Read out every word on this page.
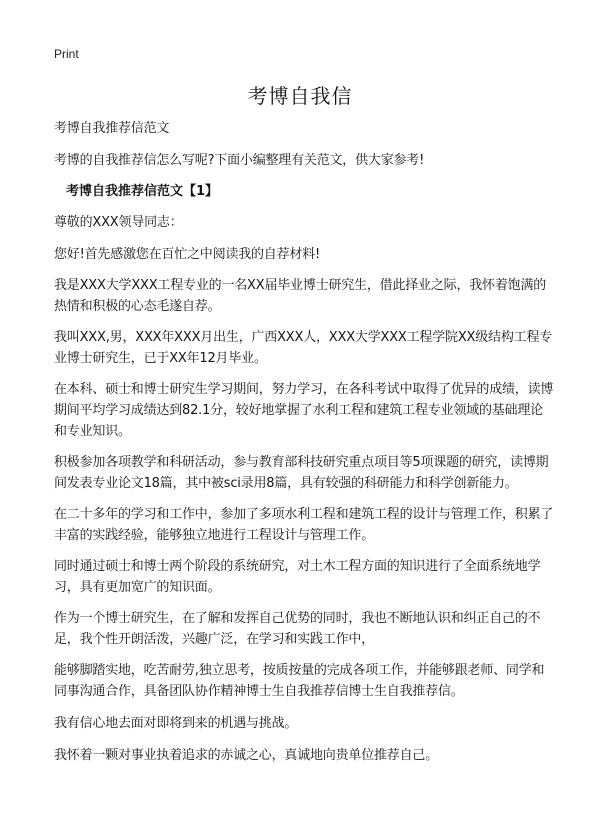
Print
考博自我信

考博自我推荐信范文

考博的自我推荐信怎么写呢?下面小编整理有关范文，供大家参考!

考博自我推荐信范文【1】

尊敬的XXX领导同志：

您好!首先感激您在百忙之中阅读我的自荐材料!

我是XXX大学XXX工程专业的一名XX届毕业博士研究生，借此择业之际，我怀着饱满的热情和积极的心态毛遂自荐。

我叫XXX,男，XXX年XXX月出生，广西XXX人，XXX大学XXX工程学院XX级结构工程专业博士研究生，已于XX年12月毕业。

在本科、硕士和博士研究生学习期间，努力学习，在各科考试中取得了优异的成绩，读博期间平均学习成绩达到82.1分，较好地掌握了水利工程和建筑工程专业领域的基础理论和专业知识。

积极参加各项教学和科研活动，参与教育部科技研究重点项目等5项课题的研究，读博期间发表专业论文18篇，其中被sci录用8篇，具有较强的科研能力和科学创新能力。

在二十多年的学习和工作中，参加了多项水利工程和建筑工程的设计与管理工作，积累了丰富的实践经验，能够独立地进行工程设计与管理工作。

同时通过硕士和博士两个阶段的系统研究，对土木工程方面的知识进行了全面系统地学习，具有更加宽广的知识面。

作为一个博士研究生，在了解和发挥自己优势的同时，我也不断地认识和纠正自己的不足，我个性开朗活泼，兴趣广泛，在学习和实践工作中，

能够脚踏实地，吃苦耐劳,独立思考，按质按量的完成各项工作，并能够跟老师、同学和同事沟通合作，具备团队协作精神博士生自我推荐信博士生自我推荐信。

我有信心地去面对即将到来的机遇与挑战。

我怀着一颗对事业执着追求的赤诚之心，真诚地向贵单位推荐自己。
